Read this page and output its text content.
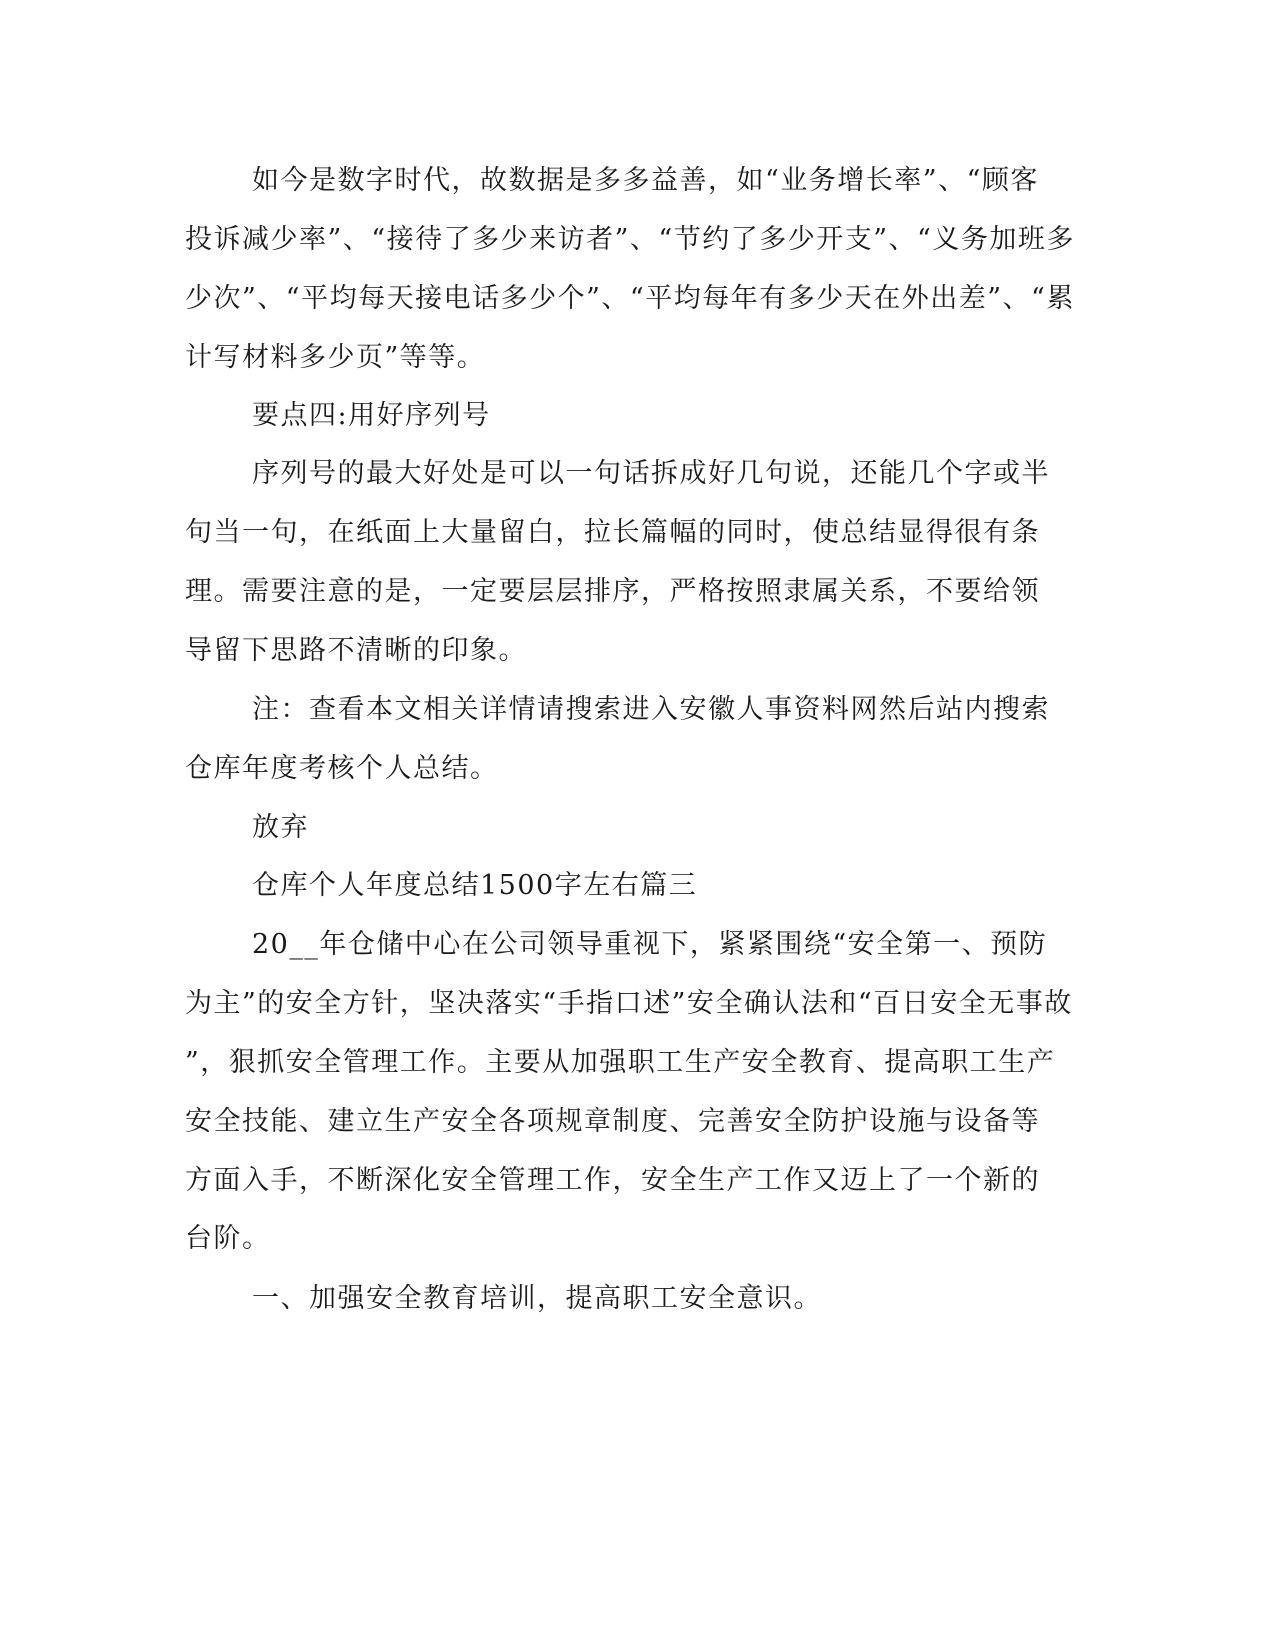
如今是数字时代，故数据是多多益善，如“业务增长率”、“顾客
投诉减少率”、“接待了多少来访者”、“节约了多少开支”、“义务加班多
少次”、“平均每天接电话多少个”、“平均每年有多少天在外出差”、“累
计写材料多少页”等等。
要点四:用好序列号
序列号的最大好处是可以一句话拆成好几句说，还能几个字或半
句当一句，在纸面上大量留白，拉长篇幅的同时，使总结显得很有条
理。需要注意的是，一定要层层排序，严格按照隶属关系，不要给领
导留下思路不清晰的印象。
注：查看本文相关详情请搜索进入安徽人事资料网然后站内搜索
仓库年度考核个人总结。
放弃
仓库个人年度总结1500字左右篇三
20__年仓储中心在公司领导重视下，紧紧围绕“安全第一、预防
为主”的安全方针，坚决落实“手指口述”安全确认法和“百日安全无事故
”，狠抓安全管理工作。主要从加强职工生产安全教育、提高职工生产
安全技能、建立生产安全各项规章制度、完善安全防护设施与设备等
方面入手，不断深化安全管理工作，安全生产工作又迈上了一个新的
台阶。
一、加强安全教育培训，提高职工安全意识。
